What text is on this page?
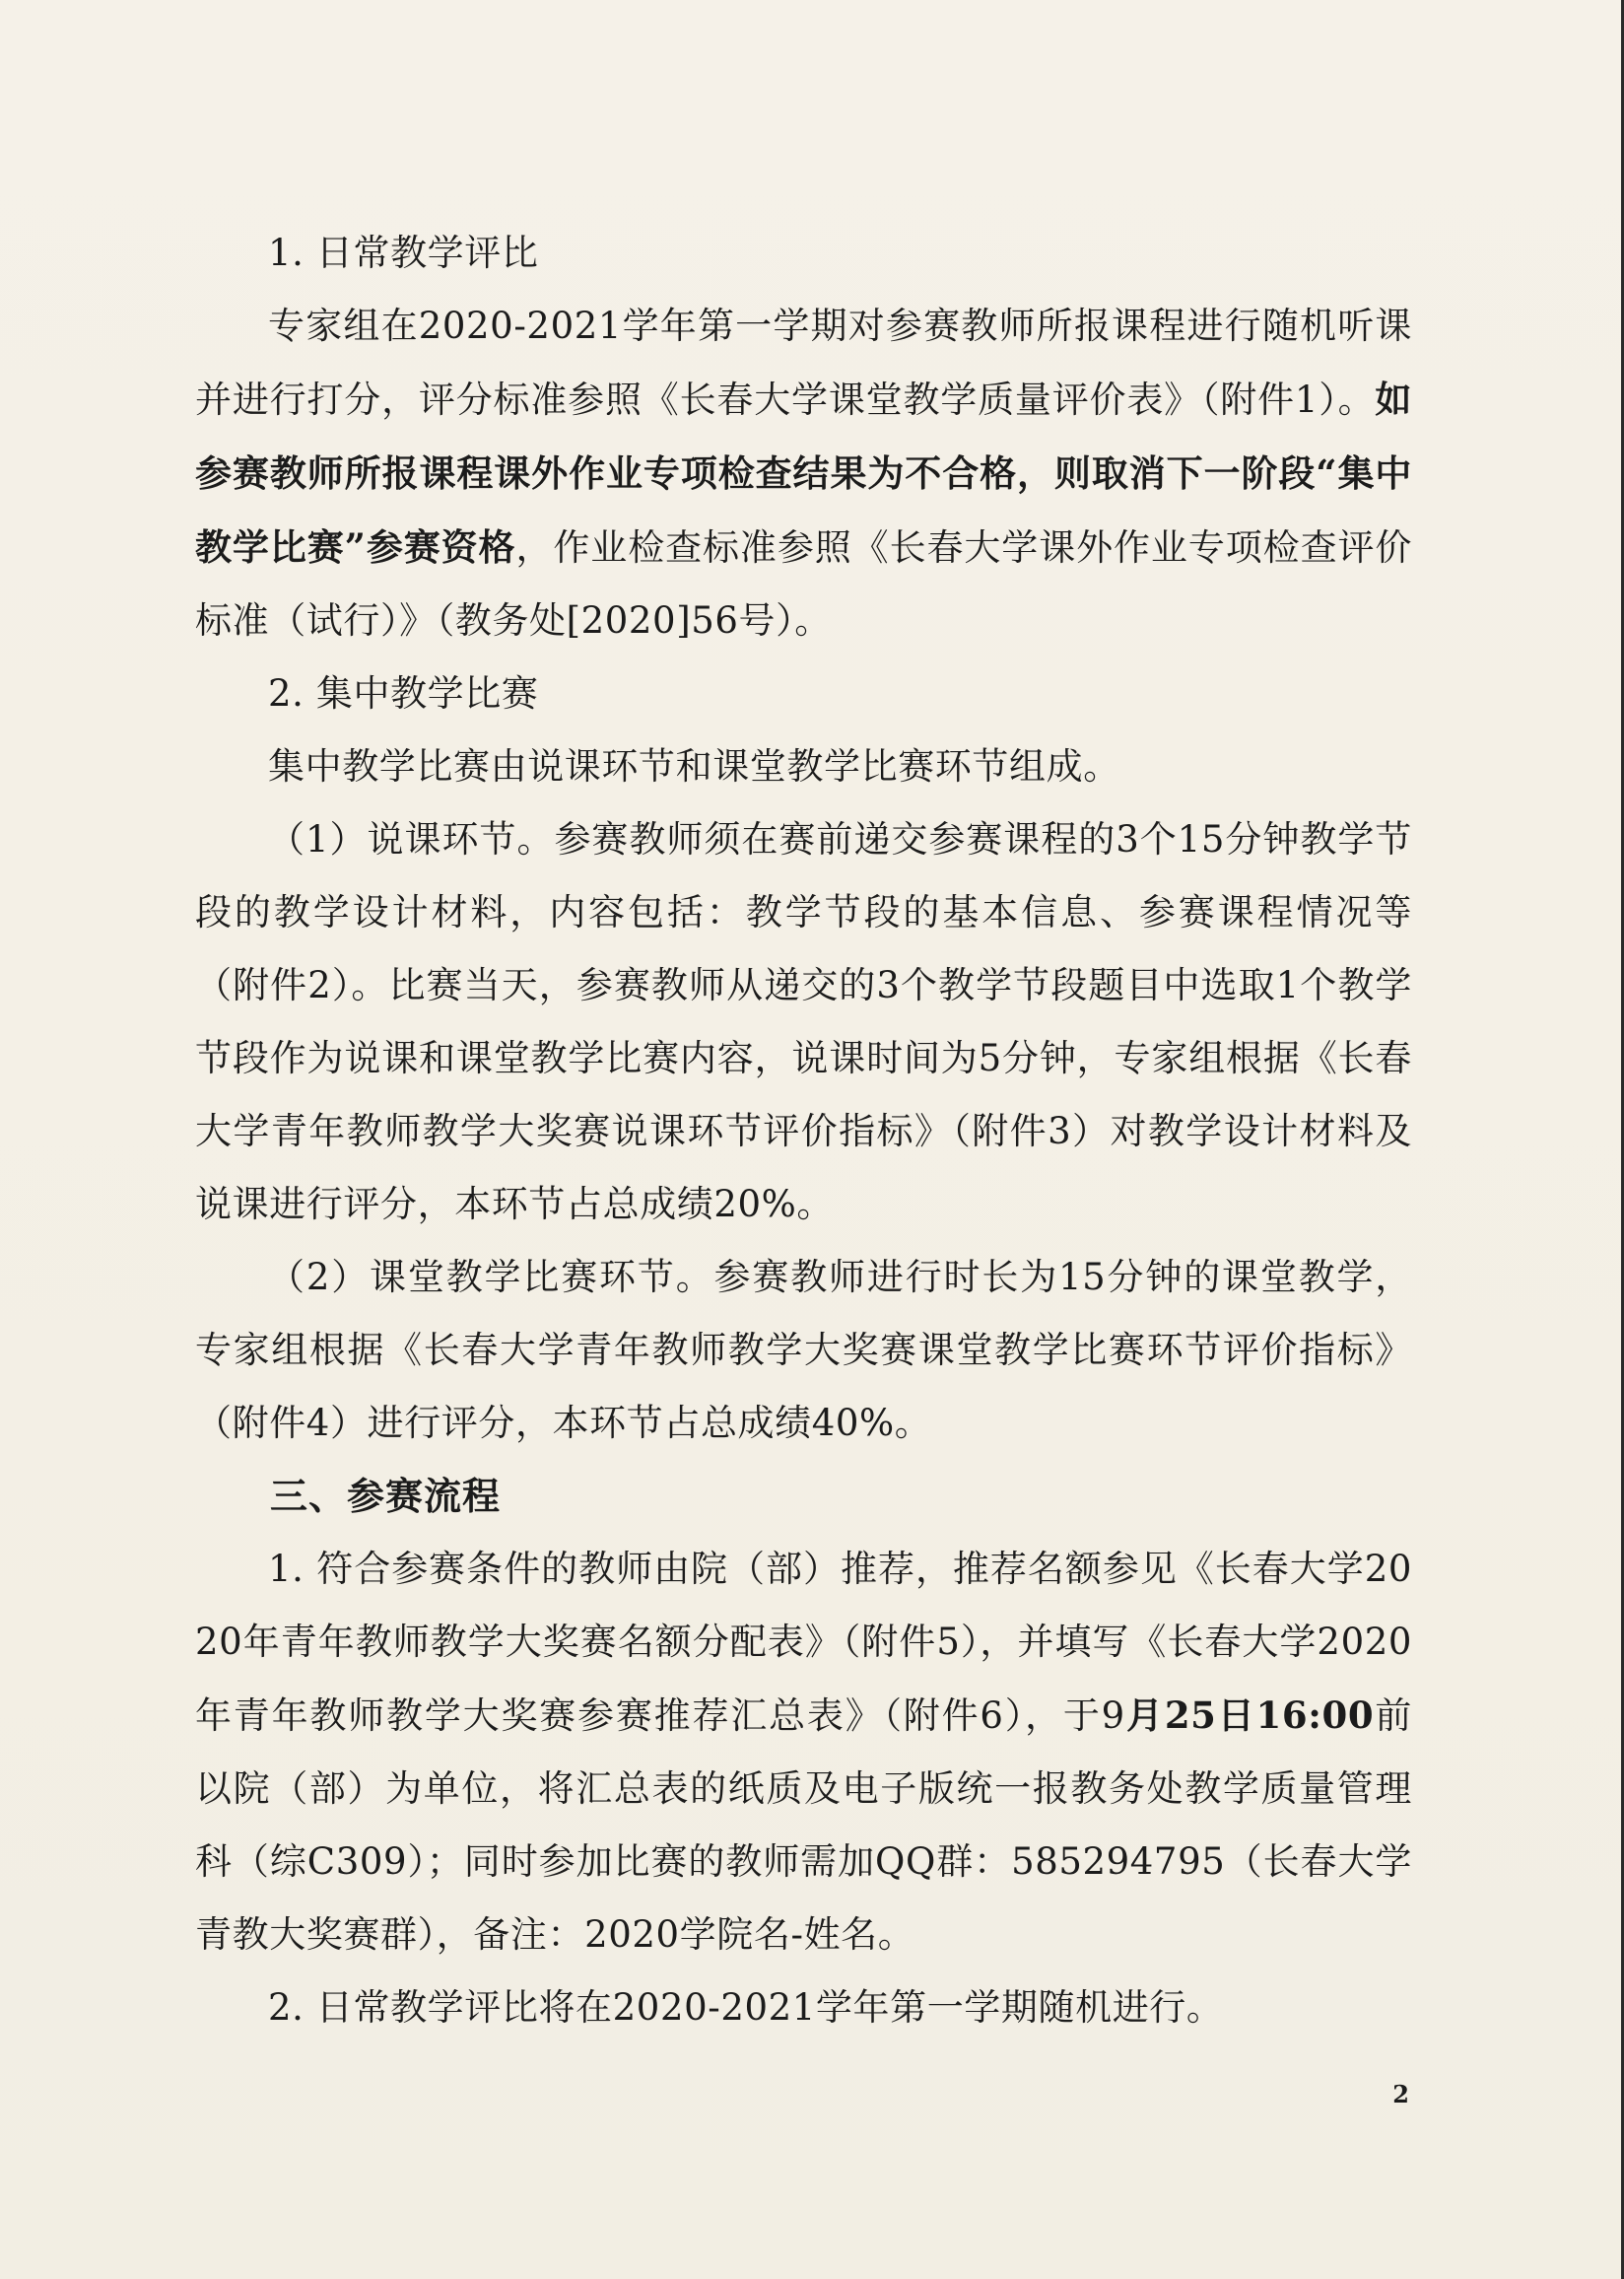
1. 日常教学评比

专家组在2020-2021学年第一学期对参赛教师所报课程进行随机听课并进行打分，评分标准参照《长春大学课堂教学质量评价表》（附件1）。如参赛教师所报课程课外作业专项检查结果为不合格，则取消下一阶段“集中教学比赛”参赛资格，作业检查标准参照《长春大学课外作业专项检查评价标准（试行）》（教务处[2020]56号）。

2. 集中教学比赛

集中教学比赛由说课环节和课堂教学比赛环节组成。

（1）说课环节。参赛教师须在赛前递交参赛课程的3个15分钟教学节段的教学设计材料，内容包括：教学节段的基本信息、参赛课程情况等（附件2）。比赛当天，参赛教师从递交的3个教学节段题目中选取1个教学节段作为说课和课堂教学比赛内容，说课时间为5分钟，专家组根据《长春大学青年教师教学大奖赛说课环节评价指标》（附件3）对教学设计材料及说课进行评分，本环节占总成绩20%。

（2）课堂教学比赛环节。参赛教师进行时长为15分钟的课堂教学，专家组根据《长春大学青年教师教学大奖赛课堂教学比赛环节评价指标》（附件4）进行评分，本环节占总成绩40%。

三、参赛流程

1. 符合参赛条件的教师由院（部）推荐，推荐名额参见《长春大学2020年青年教师教学大奖赛名额分配表》（附件5），并填写《长春大学2020年青年教师教学大奖赛参赛推荐汇总表》（附件6），于9月25日16:00前以院（部）为单位，将汇总表的纸质及电子版统一报教务处教学质量管理科（综C309）；同时参加比赛的教师需加QQ群：585294795（长春大学青教大奖赛群），备注：2020学院名-姓名。

2. 日常教学评比将在2020-2021学年第一学期随机进行。

2
